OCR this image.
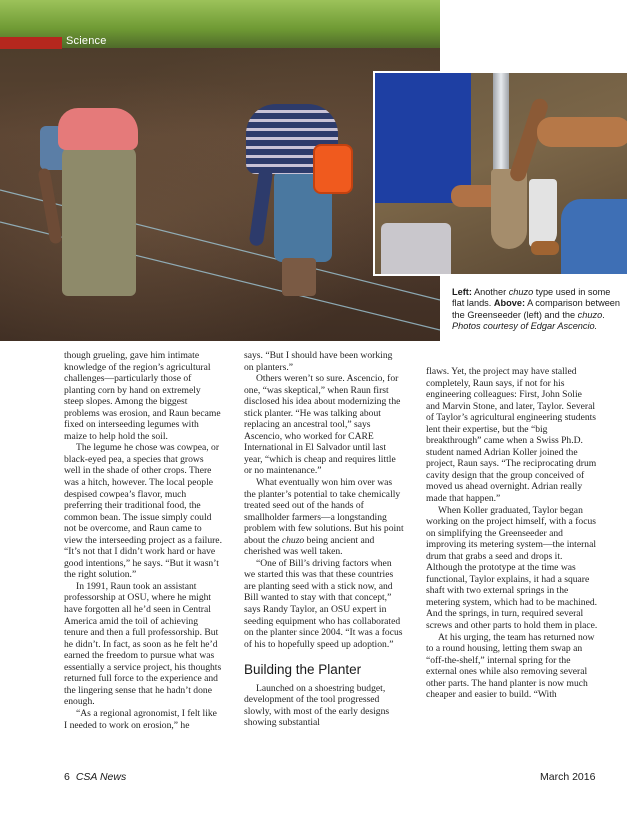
Science
Left: Another chuzo type used in some flat lands. Above: A comparison between the Greenseeder (left) and the chuzo. Photos courtesy of Edgar Ascencio.

though grueling, gave him intimate knowledge of the region’s agricultural challenges—particularly those of planting corn by hand on extremely steep slopes. Among the biggest problems was erosion, and Raun became fixed on interseeding legumes with maize to help hold the soil.

The legume he chose was cowpea, or black-eyed pea, a species that grows well in the shade of other crops. There was a hitch, however. The local people despised cowpea’s flavor, much preferring their traditional food, the common bean. The issue simply could not be overcome, and Raun came to view the interseeding project as a failure. “It’s not that I didn’t work hard or have good intentions,” he says. “But it wasn’t the right solution.”

In 1991, Raun took an assistant professorship at OSU, where he might have forgotten all he’d seen in Central America amid the toil of achieving tenure and then a full professorship. But he didn’t. In fact, as soon as he felt he’d earned the freedom to pursue what was essentially a service project, his thoughts returned full force to the experience and the lingering sense that he hadn’t done enough.

“As a regional agronomist, I felt like I needed to work on erosion,” he

says. “But I should have been working on planters.”

Others weren’t so sure. Ascencio, for one, “was skeptical,” when Raun first disclosed his idea about modernizing the stick planter. “He was talking about replacing an ancestral tool,” says Ascencio, who worked for CARE International in El Salvador until last year, “which is cheap and requires little or no maintenance.”

What eventually won him over was the planter’s potential to take chemically treated seed out of the hands of smallholder farmers—a longstanding problem with few solutions. But his point about the chuzo being ancient and cherished was well taken.

“One of Bill’s driving factors when we started this was that these countries are planting seed with a stick now, and Bill wanted to stay with that concept,” says Randy Taylor, an OSU expert in seeding equipment who has collaborated on the planter since 2004. “It was a focus of his to hopefully speed up adoption.”

Building the Planter

Launched on a shoestring budget, development of the tool progressed slowly, with most of the early designs showing substantial

flaws. Yet, the project may have stalled completely, Raun says, if not for his engineering colleagues: First, John Solie and Marvin Stone, and later, Taylor. Several of Taylor’s agricultural engineering students lent their expertise, but the “big breakthrough” came when a Swiss Ph.D. student named Adrian Koller joined the project, Raun says. “The reciprocating drum cavity design that the group conceived of moved us ahead overnight. Adrian really made that happen.”

When Koller graduated, Taylor began working on the project himself, with a focus on simplifying the Greenseeder and improving its metering system—the internal drum that grabs a seed and drops it. Although the prototype at the time was functional, Taylor explains, it had a square shaft with two external springs in the metering system, which had to be machined. And the springs, in turn, required several screws and other parts to hold them in place.

At his urging, the team has returned now to a round housing, letting them swap an “off-the-shelf,” internal spring for the external ones while also removing several other parts. The hand planter is now much cheaper and easier to build. “With

6 CSA News	March 2016
